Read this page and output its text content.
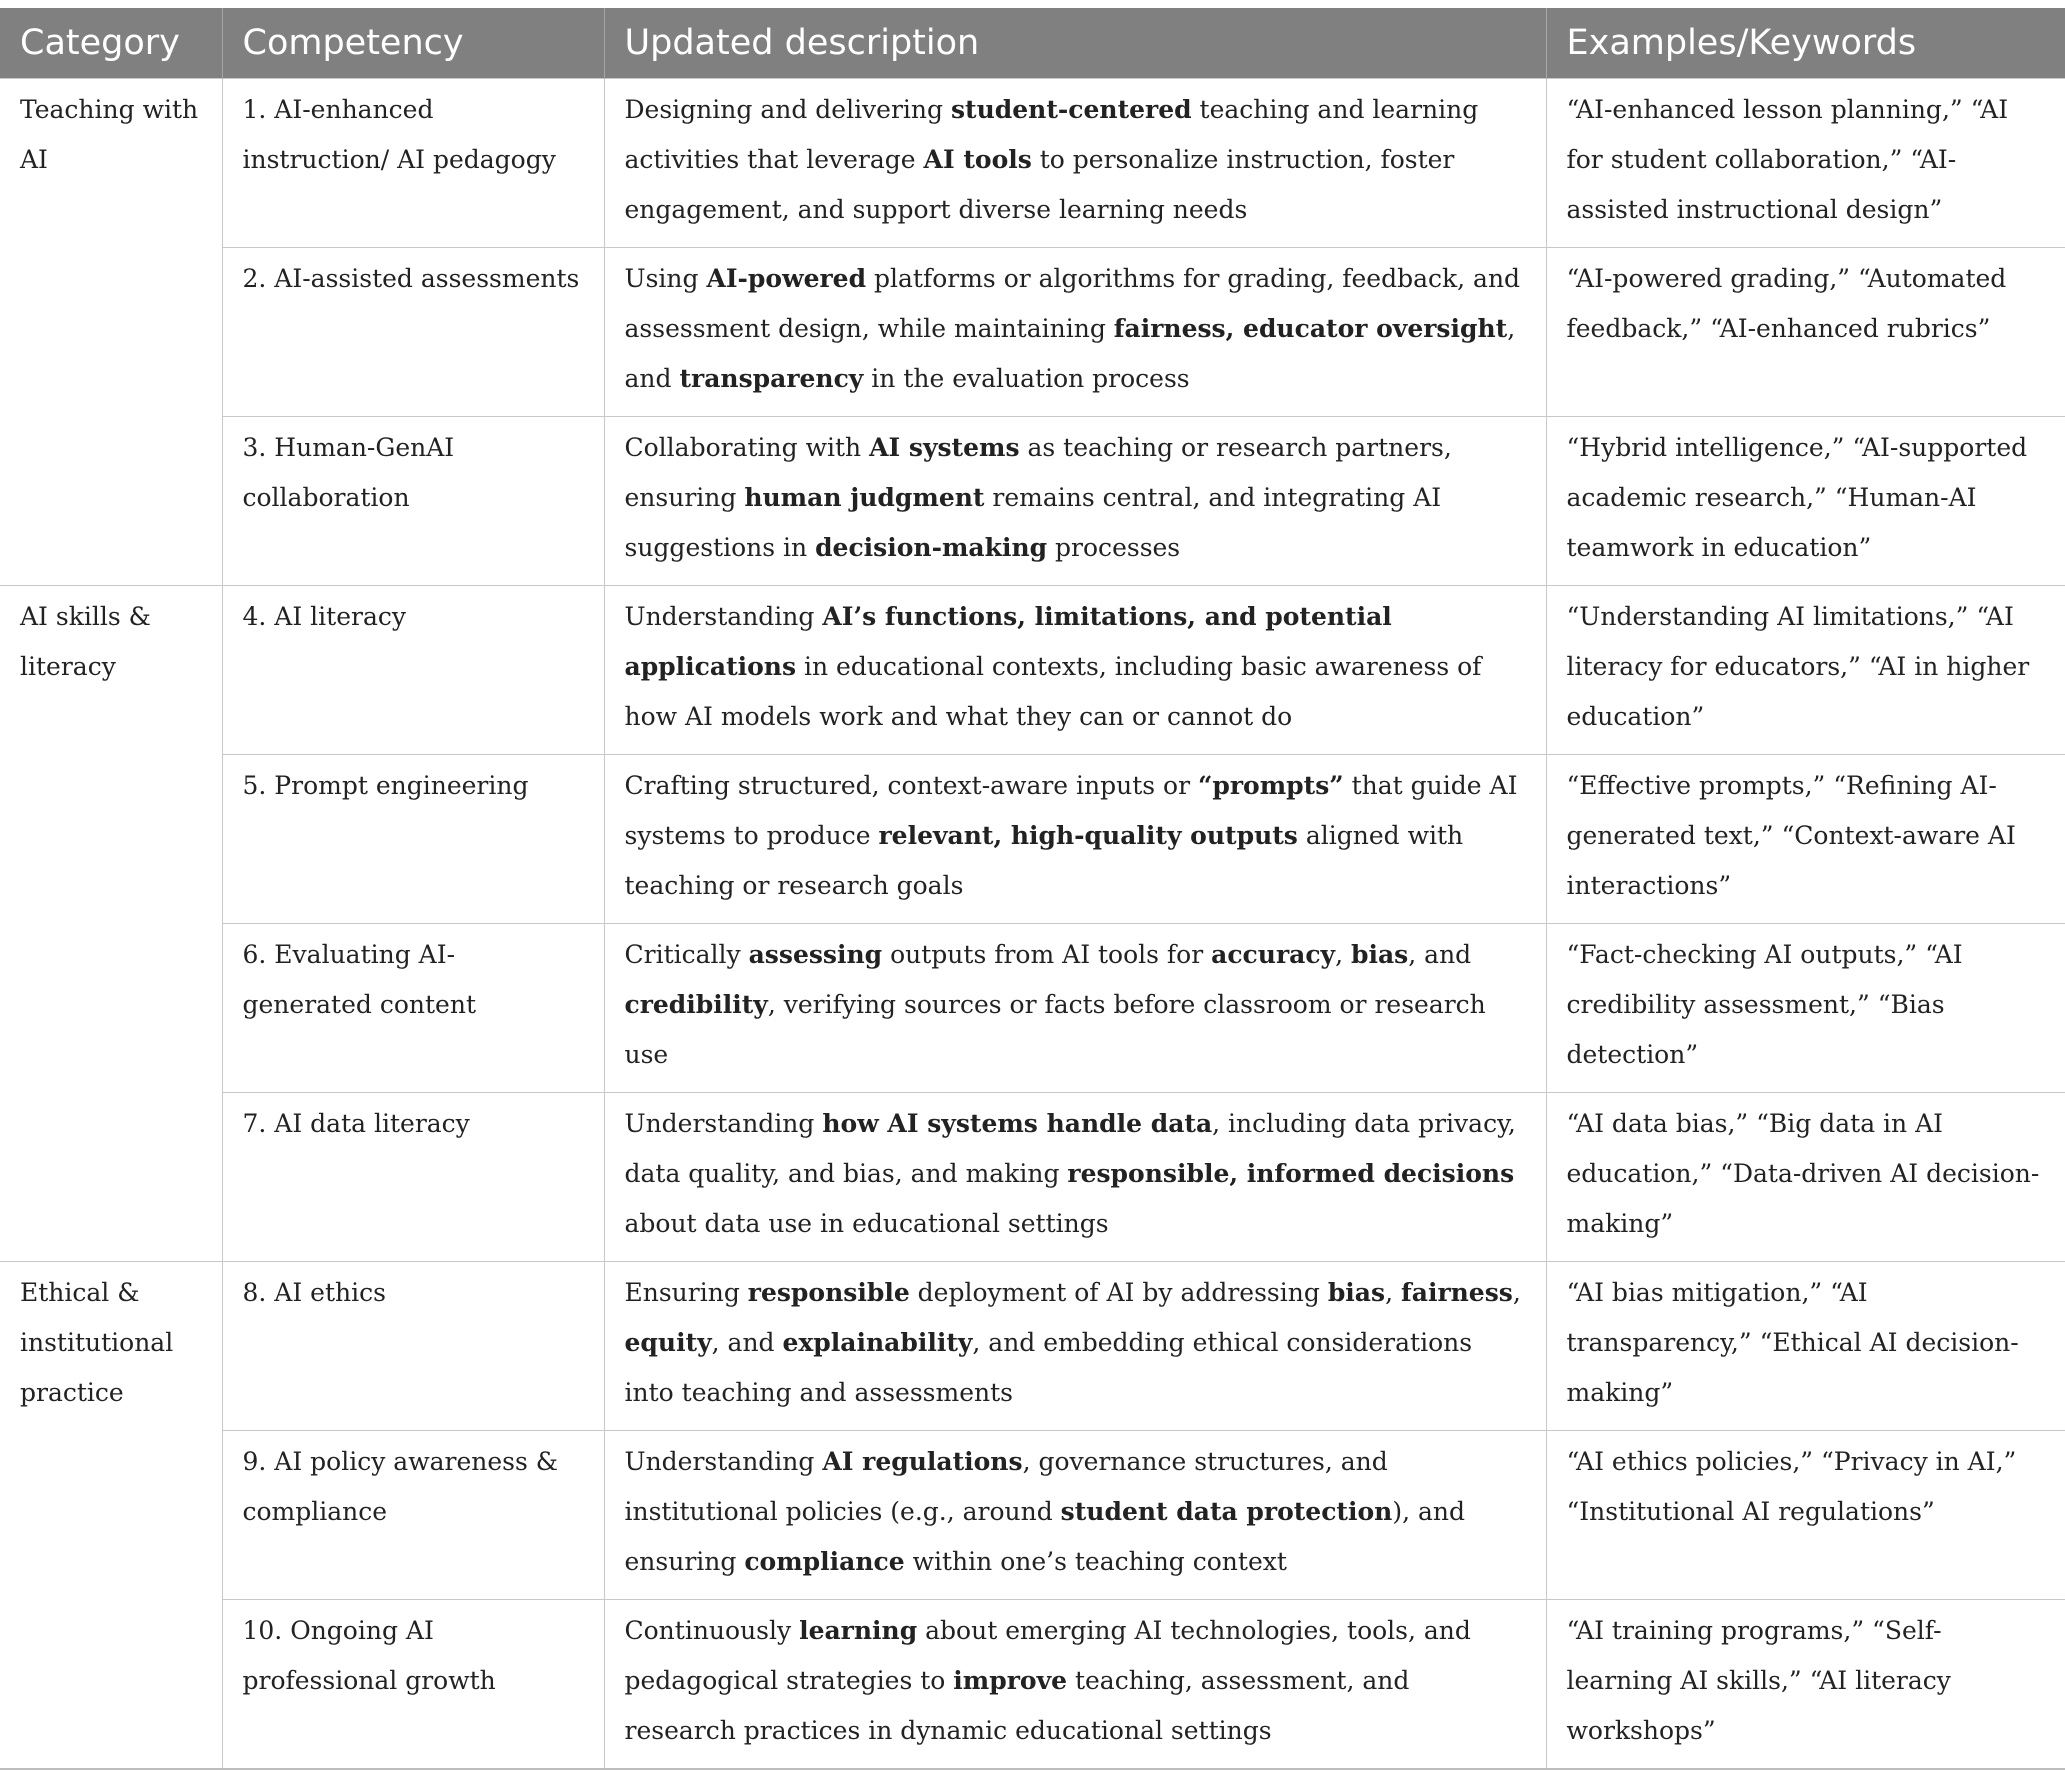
Category	Competency	Updated description	Examples/Keywords
Teaching with AI	1. AI-enhanced instruction/ AI pedagogy	Designing and delivering student-centered teaching and learning activities that leverage AI tools to personalize instruction, foster engagement, and support diverse learning needs	“AI-enhanced lesson planning,” “AI for student collaboration,” “AI-assisted instructional design”
	2. AI-assisted assessments	Using AI-powered platforms or algorithms for grading, feedback, and assessment design, while maintaining fairness, educator oversight, and transparency in the evaluation process	“AI-powered grading,” “Automated feedback,” “AI-enhanced rubrics”
	3. Human-GenAI collaboration	Collaborating with AI systems as teaching or research partners, ensuring human judgment remains central, and integrating AI suggestions in decision-making processes	“Hybrid intelligence,” “AI-supported academic research,” “Human-AI teamwork in education”
AI skills & literacy	4. AI literacy	Understanding AI’s functions, limitations, and potential applications in educational contexts, including basic awareness of how AI models work and what they can or cannot do	“Understanding AI limitations,” “AI literacy for educators,” “AI in higher education”
	5. Prompt engineering	Crafting structured, context-aware inputs or “prompts” that guide AI systems to produce relevant, high-quality outputs aligned with teaching or research goals	“Effective prompts,” “Refining AI-generated text,” “Context-aware AI interactions”
	6. Evaluating AI-generated content	Critically assessing outputs from AI tools for accuracy, bias, and credibility, verifying sources or facts before classroom or research use	“Fact-checking AI outputs,” “AI credibility assessment,” “Bias detection”
	7. AI data literacy	Understanding how AI systems handle data, including data privacy, data quality, and bias, and making responsible, informed decisions about data use in educational settings	“AI data bias,” “Big data in AI education,” “Data-driven AI decision-making”
Ethical & institutional practice	8. AI ethics	Ensuring responsible deployment of AI by addressing bias, fairness, equity, and explainability, and embedding ethical considerations into teaching and assessments	“AI bias mitigation,” “AI transparency,” “Ethical AI decision-making”
	9. AI policy awareness & compliance	Understanding AI regulations, governance structures, and institutional policies (e.g., around student data protection), and ensuring compliance within one’s teaching context	“AI ethics policies,” “Privacy in AI,” “Institutional AI regulations”
	10. Ongoing AI professional growth	Continuously learning about emerging AI technologies, tools, and pedagogical strategies to improve teaching, assessment, and research practices in dynamic educational settings	“AI training programs,” “Self-learning AI skills,” “AI literacy workshops”
